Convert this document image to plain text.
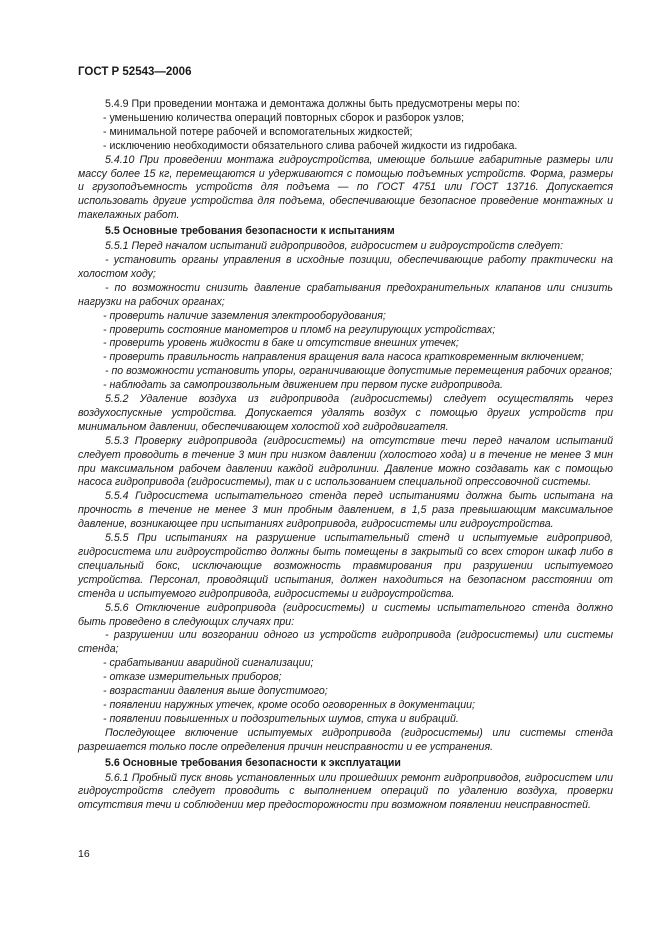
ГОСТ Р 52543—2006

5.4.9 При проведении монтажа и демонтажа должны быть предусмотрены меры по:

- уменьшению количества операций повторных сборок и разборок узлов;

- минимальной потере рабочей и вспомогательных жидкостей;

- исключению необходимости обязательного слива рабочей жидкости из гидробака.

5.4.10 При проведении монтажа гидроустройства, имеющие большие габаритные размеры или массу более 15 кг, перемещаются и удерживаются с помощью подъемных устройств. Форма, размеры и грузоподъемность устройств для подъема — по ГОСТ 4751 или ГОСТ 13716. Допускается использовать другие устройства для подъема, обеспечивающие безопасное проведение монтажных и такелажных работ.

5.5 Основные требования безопасности к испытаниям

5.5.1 Перед началом испытаний гидроприводов, гидросистем и гидроустройств следует:

- установить органы управления в исходные позиции, обеспечивающие работу практически на холостом ходу;

- по возможности снизить давление срабатывания предохранительных клапанов или снизить нагрузки на рабочих органах;

- проверить наличие заземления электрооборудования;

- проверить состояние манометров и пломб на регулирующих устройствах;

- проверить уровень жидкости в баке и отсутствие внешних утечек;

- проверить правильность направления вращения вала насоса кратковременным включением;

- по возможности установить упоры, ограничивающие допустимые перемещения рабочих органов;

- наблюдать за самопроизвольным движением при первом пуске гидропривода.

5.5.2 Удаление воздуха из гидропривода (гидросистемы) следует осуществлять через воздухоспускные устройства. Допускается удалять воздух с помощью других устройств при минимальном давлении, обеспечивающем холостой ход гидродвигателя.

5.5.3 Проверку гидропривода (гидросистемы) на отсутствие течи перед началом испытаний следует проводить в течение 3 мин при низком давлении (холостого хода) и в течение не менее 3 мин при максимальном рабочем давлении каждой гидролинии. Давление можно создавать как с помощью насоса гидропривода (гидросистемы), так и с использованием специальной опрессовочной системы.

5.5.4 Гидросистема испытательного стенда перед испытаниями должна быть испытана на прочность в течение не менее 3 мин пробным давлением, в 1,5 раза превышающим максимальное давление, возникающее при испытаниях гидропривода, гидросистемы или гидроустройства.

5.5.5 При испытаниях на разрушение испытательный стенд и испытуемые гидропривод, гидросистема или гидроустройство должны быть помещены в закрытый со всех сторон шкаф либо в специальный бокс, исключающие возможность травмирования при разрушении испытуемого устройства. Персонал, проводящий испытания, должен находиться на безопасном расстоянии от стенда и испытуемого гидропривода, гидросистемы и гидроустройства.

5.5.6 Отключение гидропривода (гидросистемы) и системы испытательного стенда должно быть проведено в следующих случаях при:

- разрушении или возгорании одного из устройств гидропривода (гидросистемы) или системы стенда;

- срабатывании аварийной сигнализации;

- отказе измерительных приборов;

- возрастании давления выше допустимого;

- появлении наружных утечек, кроме особо оговоренных в документации;

- появлении повышенных и подозрительных шумов, стука и вибраций.

Последующее включение испытуемых гидропривода (гидросистемы) или системы стенда разрешается только после определения причин неисправности и ее устранения.

5.6 Основные требования безопасности к эксплуатации

5.6.1 Пробный пуск вновь установленных или прошедших ремонт гидроприводов, гидросистем или гидроустройств следует проводить с выполнением операций по удалению воздуха, проверки отсутствия течи и соблюдении мер предосторожности при возможном появлении неисправностей.

16
